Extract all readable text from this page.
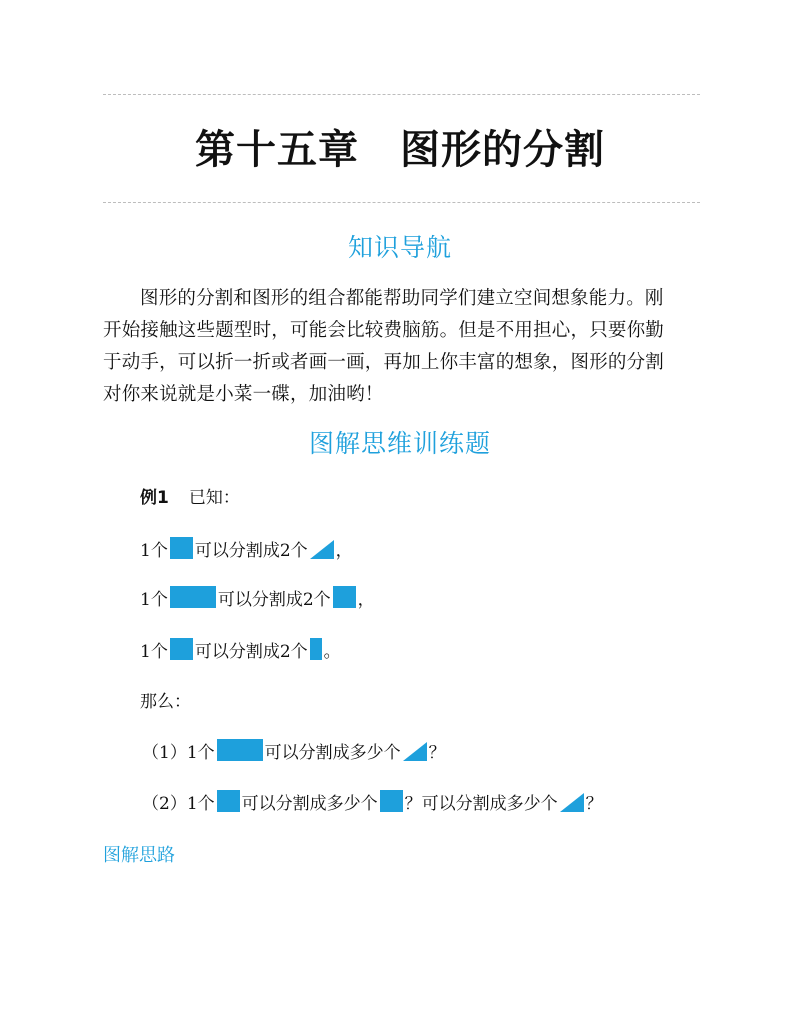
第十五章　图形的分割
知识导航
图形的分割和图形的组合都能帮助同学们建立空间想象能力。刚
开始接触这些题型时，可能会比较费脑筋。但是不用担心，只要你勤
于动手，可以折一折或者画一画，再加上你丰富的想象，图形的分割
对你来说就是小菜一碟，加油哟！
图解思维训练题
例1 已知：
1个 可以分割成2个 ，
1个	可以分割成2个 ，
1个 可以分割成2个 。
那么：
（1） 1个	可以分割成多少个 ？
（2） 1个 可以分割成多少个 ？可以分割成多少个 ？
图解思路
